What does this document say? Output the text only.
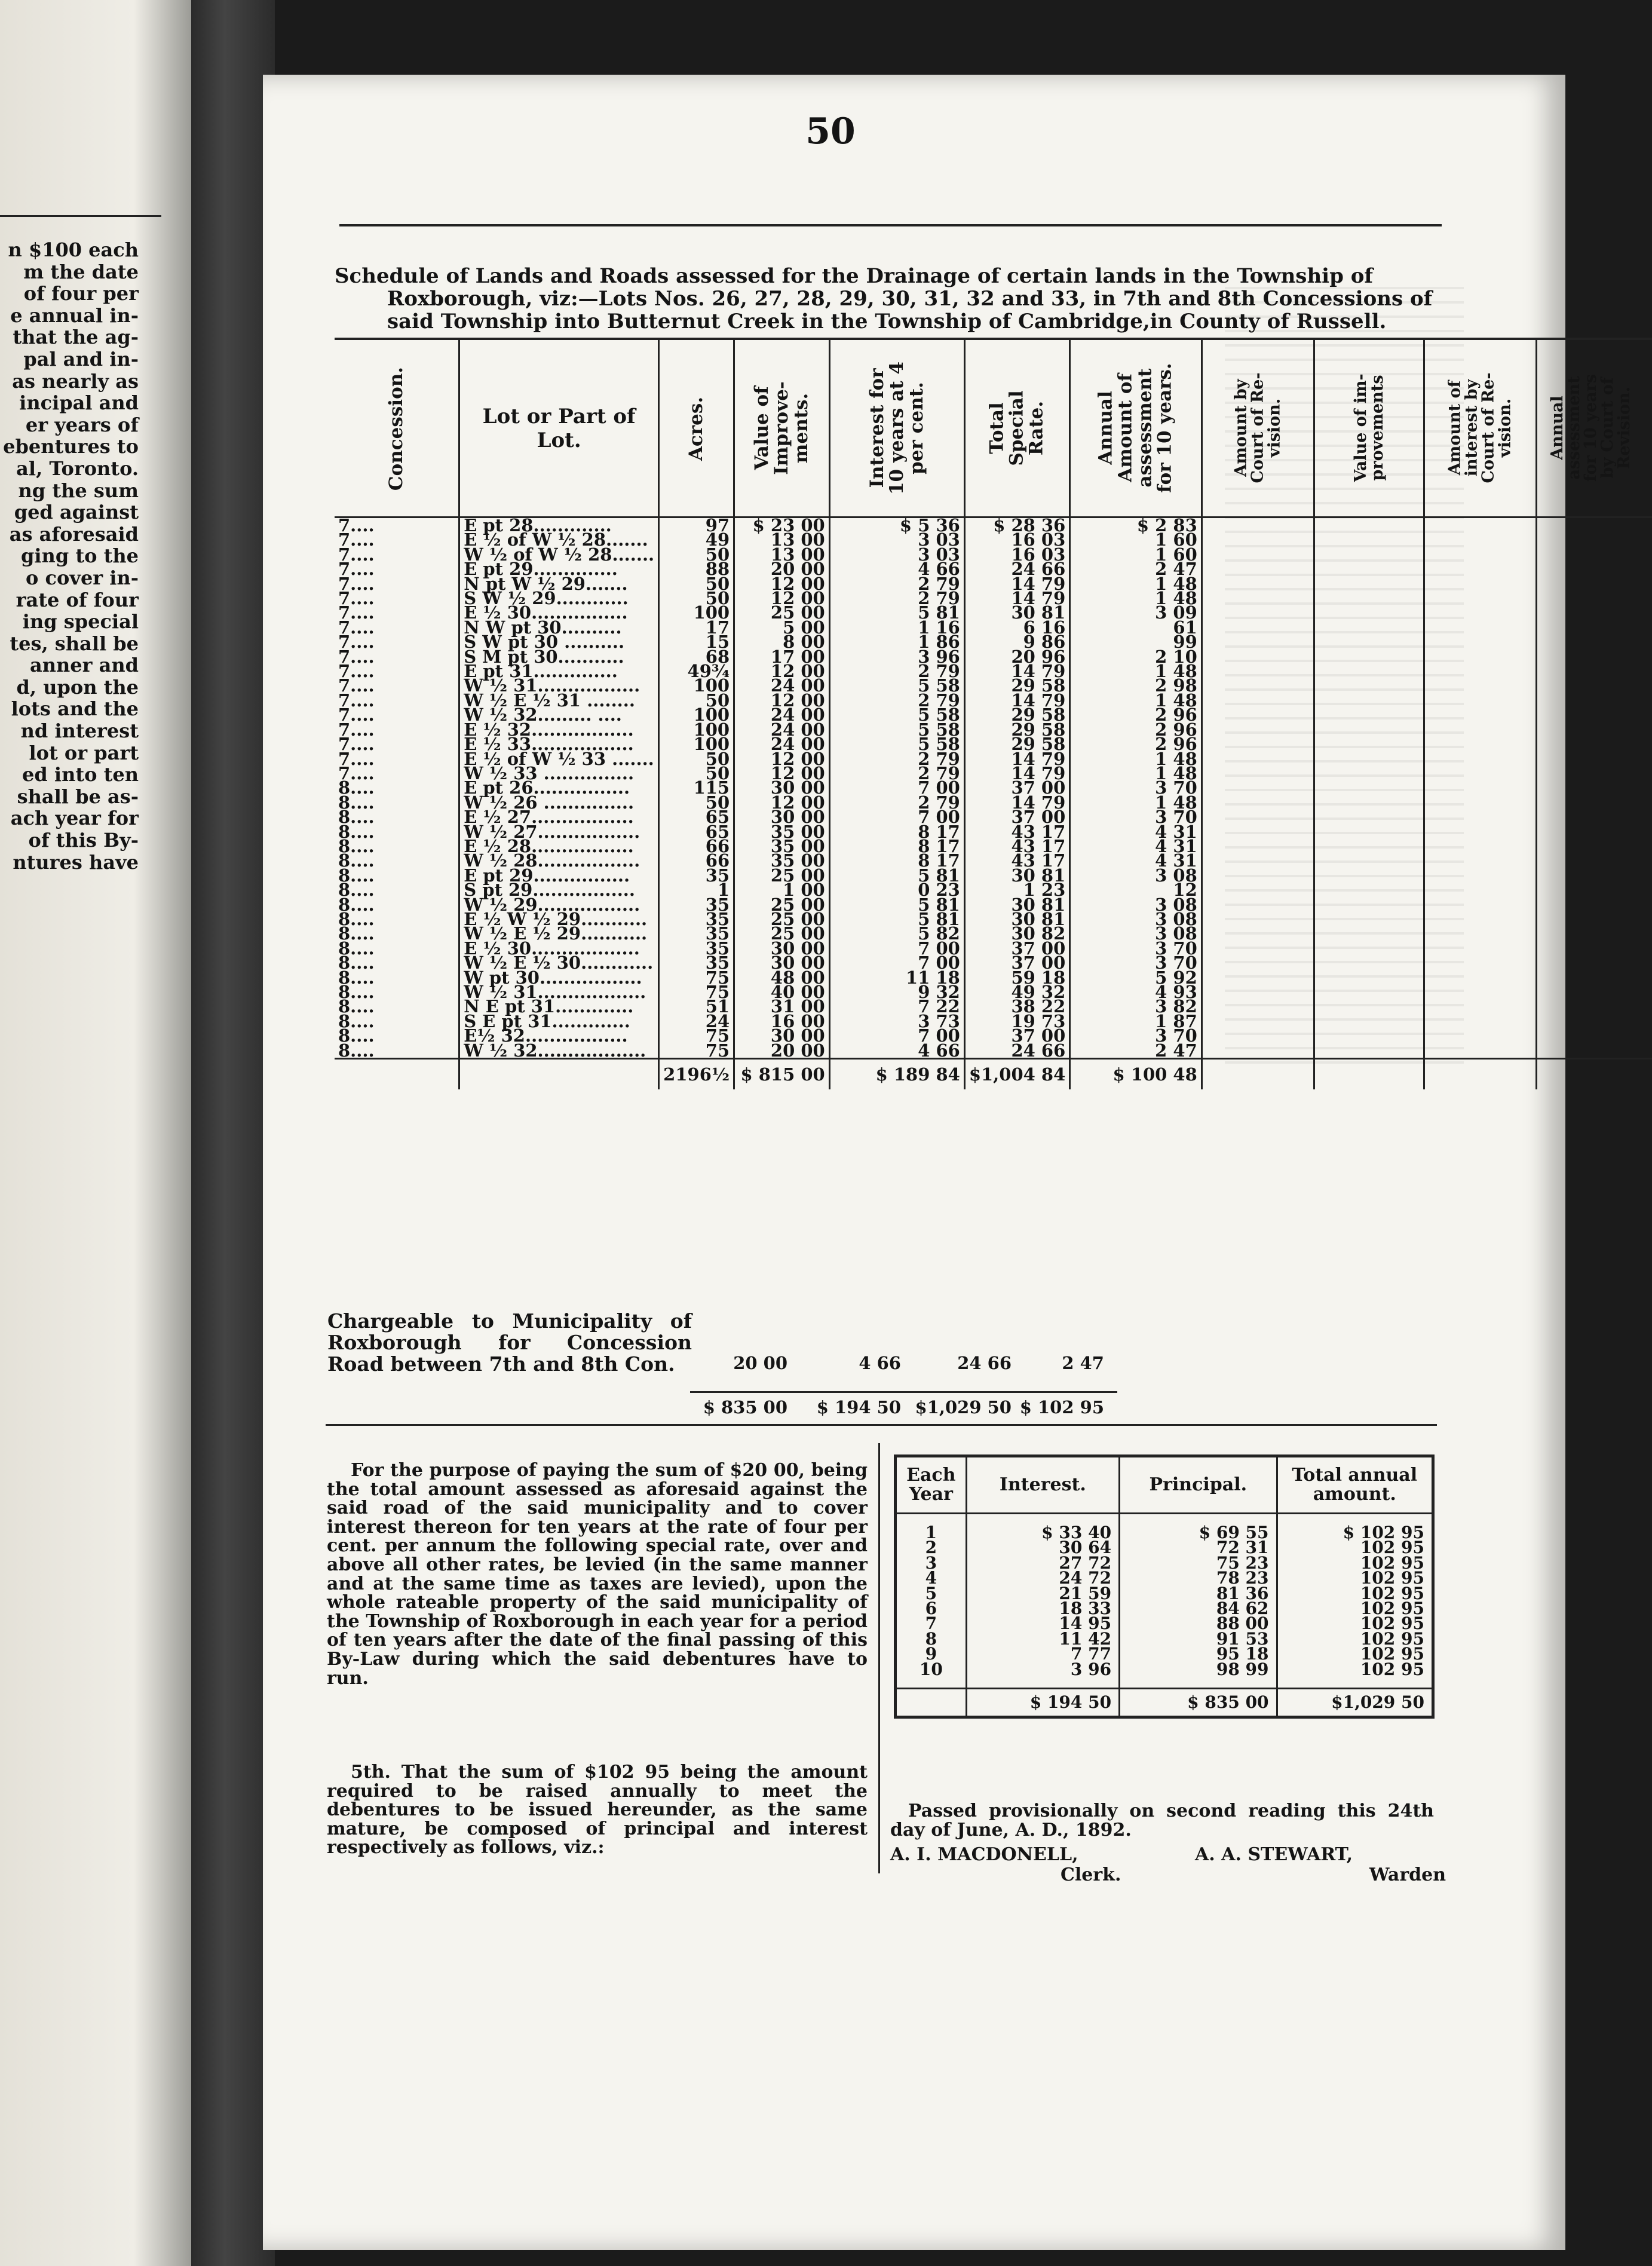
n $100 each
m the date
of four per
e annual in-
that the ag-
pal and in-
as nearly as
incipal and
er years of
ebentures to
al, Toronto.
ng the sum
ged against
as aforesaid
ging to the
o cover in-
rate of four
ing special
tes, shall be
anner and
d, upon the
lots and the
nd interest
lot or part
ed into ten
shall be as-
ach year for
of this By-
ntures have
50
Schedule of Lands and Roads assessed for the Drainage of certain lands in the Township of
Roxborough, viz:—Lots Nos. 26, 27, 28, 29, 30, 31, 32 and 33, in 7th and 8th Concessions of
said Township into Butternut Creek in the Township of Cambridge,in County of Russell.
Concession.	Lot or Part of Lot.	Acres.	Value of
Improve-
ments.	Interest for
10 years at 4
per cent.	Total
Special
Rate.	Annual
Amount of
assessment
for 10 years.	Amount by
Court of Re-
vision.	Value of im-
provements	Amount of
interest by
Court of Re-
vision.	Annual
assessment
for 10 years
by Court of
Revision.	
7....	E pt 28.............	97	$ 23 00	$ 5 36	$ 28 36	$ 2 83					
7....	E ½ of W ½ 28.......	49	13 00	3 03	16 03	1 60					
7....	W ½ of W ½ 28.......	50	13 00	3 03	16 03	1 60					
7....	E pt 29..............	88	20 00	4 66	24 66	2 47					
7....	N pt W ½ 29.......	50	12 00	2 79	14 79	1 48					
7....	S W ½ 29............	50	12 00	2 79	14 79	1 48					
7....	E ½ 30................	100	25 00	5 81	30 81	3 09					
7....	N W pt 30..........	17	5 00	1 16	6 16	61					
7....	S W pt 30 ..........	15	8 00	1 86	9 86	99					
7....	S M pt 30...........	68	17 00	3 96	20 96	2 10					
7....	E pt 31..............	49¾	12 00	2 79	14 79	1 48					
7....	W ½ 31.................	100	24 00	5 58	29 58	2 98					
7....	W ½ E ½ 31 ........	50	12 00	2 79	14 79	1 48					
7....	W ½ 32......... ....	100	24 00	5 58	29 58	2 96					
7....	E ½ 32.................	100	24 00	5 58	29 58	2 96					
7....	E ½ 33.................	100	24 00	5 58	29 58	2 96					
7....	E ½ of W ½ 33 .......	50	12 00	2 79	14 79	1 48					
7....	W ½ 33 ...............	50	12 00	2 79	14 79	1 48					
8....	E pt 26................	115	30 00	7 00	37 00	3 70					
8....	W ½ 26 ...............	50	12 00	2 79	14 79	1 48					
8....	E ½ 27.................	65	30 00	7 00	37 00	3 70					
8....	W ½ 27.................	65	35 00	8 17	43 17	4 31					
8....	E ½ 28.................	66	35 00	8 17	43 17	4 31					
8....	W ½ 28.................	66	35 00	8 17	43 17	4 31					
8....	E pt 29................	35	25 00	5 81	30 81	3 08					
8....	S pt 29.................	1	1 00	0 23	1 23	12					
8....	W ½ 29.................	35	25 00	5 81	30 81	3 08					
8....	E ½ W ½ 29...........	35	25 00	5 81	30 81	3 08					
8....	W ½ E ½ 29...........	35	25 00	5 82	30 82	3 08					
8....	E ½ 30..................	35	30 00	7 00	37 00	3 70					
8....	W ½ E ½ 30............	35	30 00	7 00	37 00	3 70					
8....	W pt 30.................	75	48 00	11 18	59 18	5 92					
8....	W ½ 31..................	75	40 00	9 32	49 32	4 93					
8....	N E pt 31.............	51	31 00	7 22	38 22	3 82					
8....	S E pt 31.............	24	16 00	3 73	19 73	1 87					
8....	E½ 32.................	75	30 00	7 00	37 00	3 70					
8....	W ½ 32..................	75	20 00	4 66	24 66	2 47					
		2196½	$ 815 00	$ 189 84	$1,004 84	$ 100 48					
Chargeable to Municipality of Roxborough for Concession Road between 7th and 8th Con.	20 00	4 66	24 66	2 47
$ 835 00	$ 194 50 $1,029 50 $ 102 95
For the purpose of paying the sum of $20 00, being the total amount assessed as aforesaid against the said road of the said municipality and to cover interest thereon for ten years at the rate of four per cent. per annum the following special rate, over and above all other rates, be levied (in the same manner and at the same time as taxes are levied), upon the whole rateable property of the said municipality of the Township of Roxborough in each year for a period of ten years after the date of the final passing of this By-Law during which the said debentures have to run.
5th. That the sum of $102 95 being the amount required to be raised annually to meet the debentures to be issued hereunder, as the same mature, be composed of principal and interest respectively as follows, viz.:
Each Year	Interest.	Principal.	Total annual amount.

1	$ 33 40	$ 69 55	$ 102 95
2	30 64	72 31	102 95
3	27 72	75 23	102 95
4	24 72	78 23	102 95
5	21 59	81 36	102 95
6	18 33	84 62	102 95
7	14 95	88 00	102 95
8	11 42	91 53	102 95
9	7 77	95 18	102 95
10	3 96	98 99	102 95

	$ 194 50	$ 835 00	$1,029 50
Passed provisionally on second reading this 24th day of June, A. D., 1892.
A. I. MACDONELL,	A. A. STEWART,
Clerk.	Warden
